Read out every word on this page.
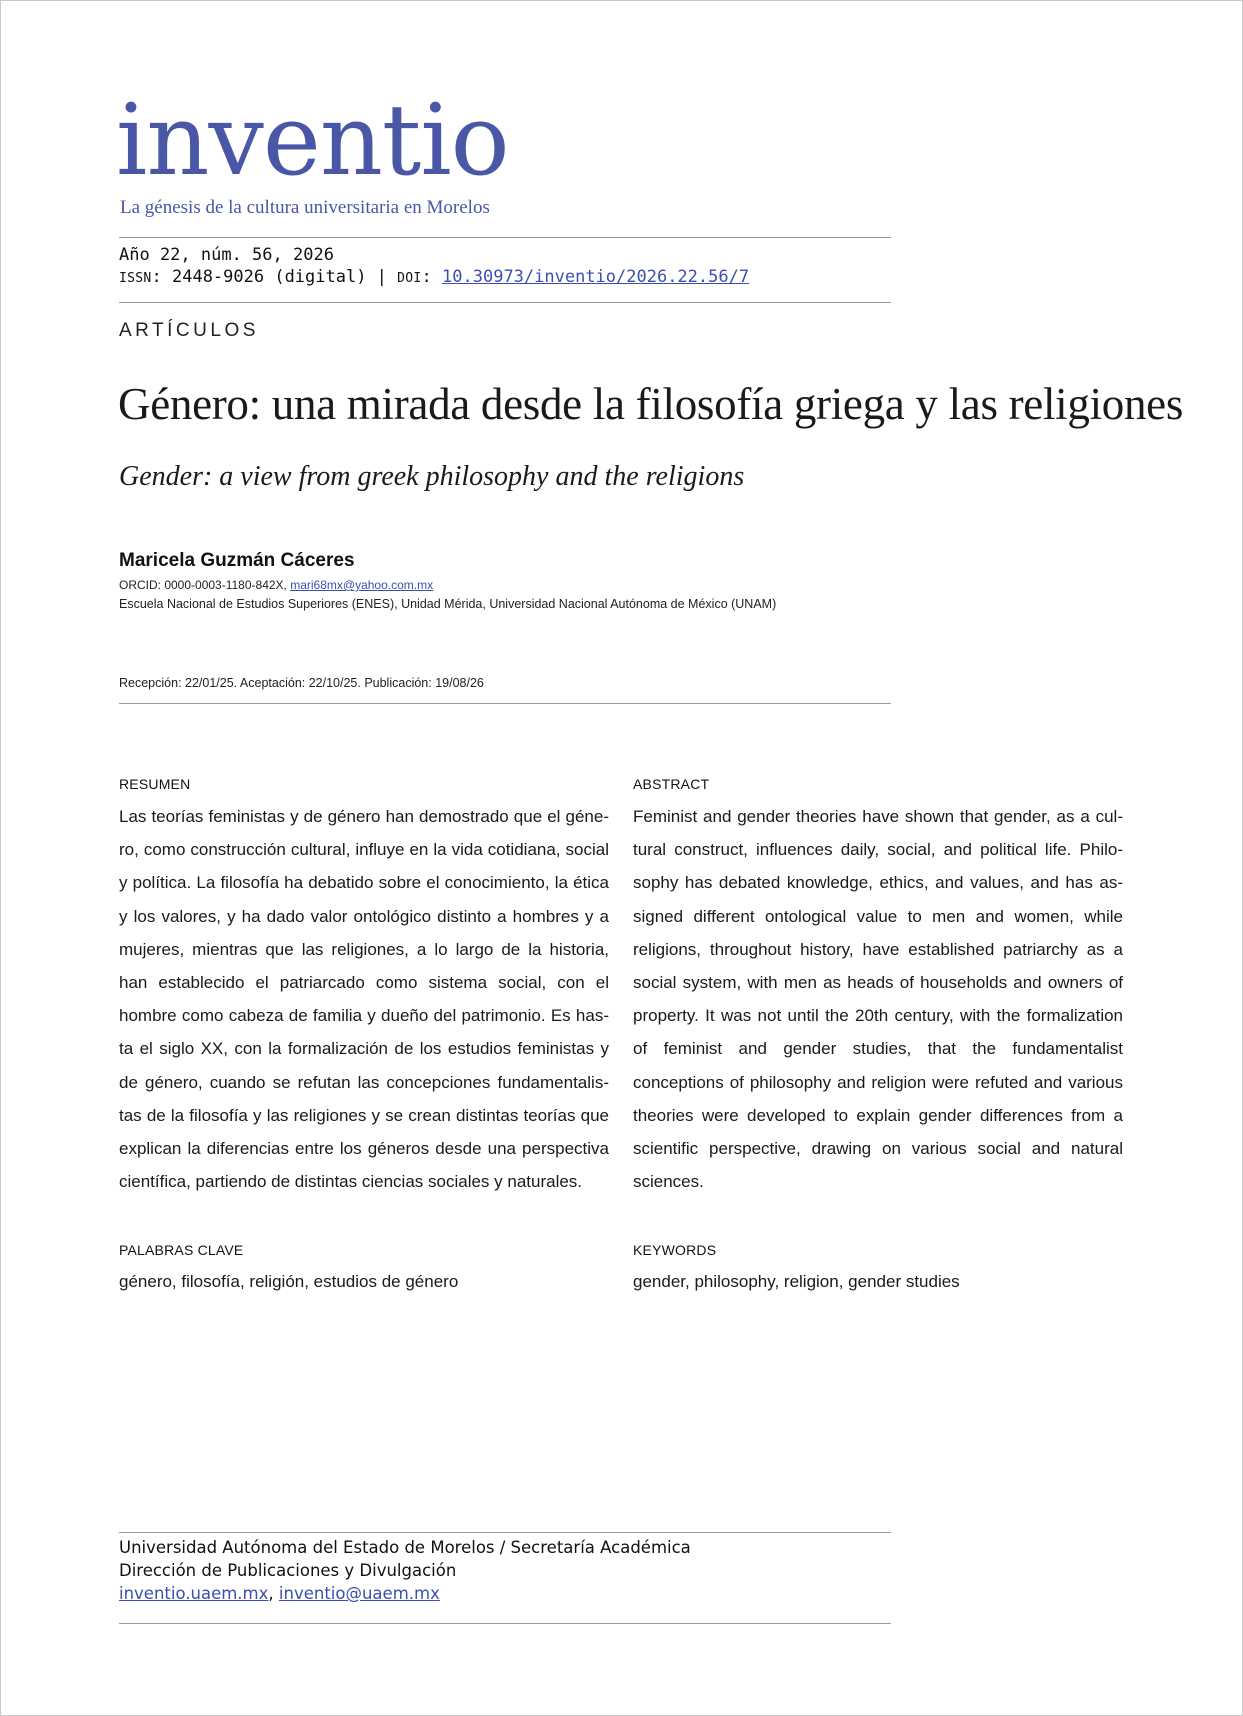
inventio
La génesis de la cultura universitaria en Morelos
Año 22, núm. 56, 2026
ISSN: 2448-9026 (digital) | DOI: 10.30973/inventio/2026.22.56/7
ARTÍCULOS
Género: una mirada desde la filosofía griega y las religiones
Gender: a view from greek philosophy and the religions
Maricela Guzmán Cáceres
ORCID: 0000-0003-1180-842X, mari68mx@yahoo.com.mx
Escuela Nacional de Estudios Superiores (ENES), Unidad Mérida, Universidad Nacional Autónoma de México (UNAM)
Recepción: 22/01/25. Aceptación: 22/10/25. Publicación: 19/08/26
RESUMEN
Las teorías feministas y de género han demostrado que el género, como construcción cultural, influye en la vida cotidiana, social y política. La filosofía ha debatido sobre el conocimiento, la ética y los valores, y ha dado valor ontológico distinto a hombres y a mujeres, mientras que las religiones, a lo largo de la historia, han establecido el patriarcado como sistema social, con el hombre como cabeza de familia y dueño del patrimonio. Es hasta el siglo XX, con la formalización de los estudios feministas y de género, cuando se refutan las concepciones fundamentalistas de la filosofía y las religiones y se crean distintas teorías que explican la diferencias entre los géneros desde una perspectiva científica, partiendo de distintas ciencias sociales y naturales.
ABSTRACT
Feminist and gender theories have shown that gender, as a cultural construct, influences daily, social, and political life. Philosophy has debated knowledge, ethics, and values, and has assigned different ontological value to men and women, while religions, throughout history, have established patriarchy as a social system, with men as heads of households and owners of property. It was not until the 20th century, with the formalization of feminist and gender studies, that the fundamentalist conceptions of philosophy and religion were refuted and various theories were developed to explain gender differences from a scientific perspective, drawing on various social and natural sciences.
PALABRAS CLAVE
género, filosofía, religión, estudios de género
KEYWORDS
gender, philosophy, religion, gender studies
Universidad Autónoma del Estado de Morelos / Secretaría Académica
Dirección de Publicaciones y Divulgación
inventio.uaem.mx, inventio@uaem.mx
